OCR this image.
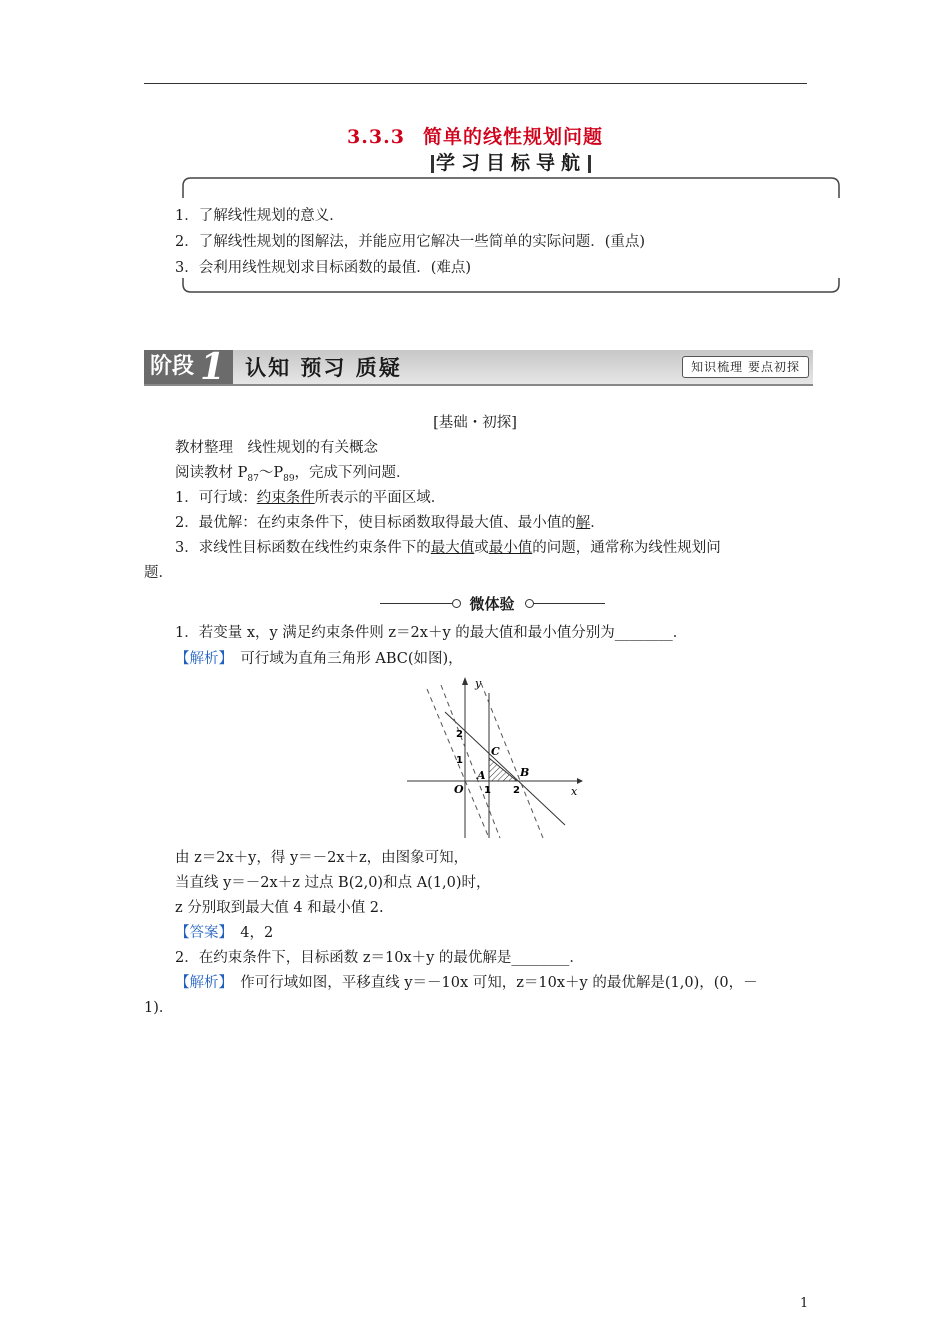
3.3.3 简单的线性规划问题
学习目标导航
1．了解线性规划的意义．
2．了解线性规划的图解法，并能应用它解决一些简单的实际问题．(重点)
3．会利用线性规划求目标函数的最值．(难点)
阶段 1 认知 预习 质疑	知识梳理 要点初探
[基础・初探]
教材整理　线性规划的有关概念
阅读教材 $P_{87}\sim P_{89}$，完成下列问题．
1．可行域：约束条件所表示的平面区域．
2．最优解：在约束条件下，使目标函数取得最大值、最小值的解．
3．求线性目标函数在线性约束条件下的最大值或最小值的问题，通常称为线性规划问
题．
微体验
1．若变量 x，y 满足约束条件则 z＝2x＋y 的最大值和最小值分别为________．
【解析】　 可行域为直角三角形 ABC(如图)，
y
x
O
A	B
C
1 2
1
2
由 z＝2x＋y，得 y＝－2x＋z，由图象可知，
当直线 y＝－2x＋z 过点 B(2,0)和点 A(1,0)时，
z 分别取到最大值 4 和最小值 2.
【答案】　 4，2
2．在约束条件下，目标函数 z＝10x＋y 的最优解是________．
【解析】　 作可行域如图，平移直线 y＝－10x 可知，z＝10x＋y 的最优解是(1,0)，(0，－
1)．
1
